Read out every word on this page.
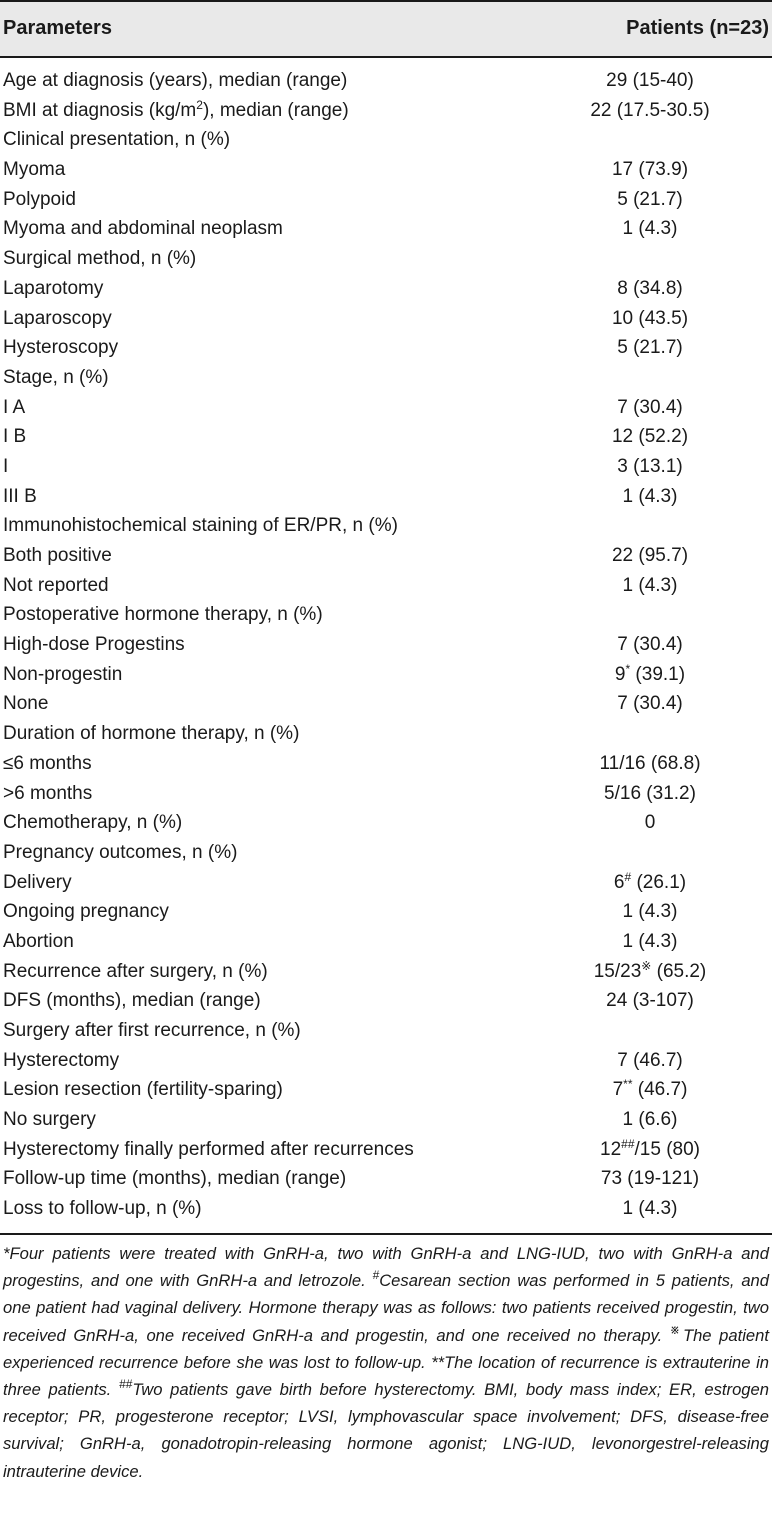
Parameters	Patients (n=23)
Age at diagnosis (years), median (range)	29 (15-40)
BMI at diagnosis $(kg/m^2)$, median (range)	22 (17.5-30.5)
Clinical presentation, n (%)
Myoma	17 (73.9)
Polypoid	5 (21.7)
Myoma and abdominal neoplasm	1 (4.3)
Surgical method, n (%)
Laparotomy	8 (34.8)
Laparoscopy	10 (43.5)
Hysteroscopy	5 (21.7)
Stage, n (%)
I A	7 (30.4)
I B	12 (52.2)
I	3 (13.1)
III B	1 (4.3)
Immunohistochemical staining of ER/PR, n (%)
Both positive	22 (95.7)
Not reported	1 (4.3)
Postoperative hormone therapy, n (%)
High-dose Progestins	7 (30.4)
Non-progestin	9* (39.1)
None	7 (30.4)
Duration of hormone therapy, n (%)
≤6 months	11/16 (68.8)
>6 months	5/16 (31.2)
Chemotherapy, n (%)	0
Pregnancy outcomes, n (%)
Delivery	6# (26.1)
Ongoing pregnancy	1 (4.3)
Abortion	1 (4.3)
Recurrence after surgery, n (%)	15/23※ (65.2)
DFS (months), median (range)	24 (3-107)
Surgery after first recurrence, n (%)
Hysterectomy	7 (46.7)
Lesion resection (fertility-sparing)	7** (46.7)
No surgery	1 (6.6)
Hysterectomy finally performed after recurrences	12##/15 (80)
Follow-up time (months), median (range)	73 (19-121)
Loss to follow-up, n (%)	1 (4.3)
*Four patients were treated with GnRH-a, two with GnRH-a and LNG-IUD, two with GnRH-a and progestins, and one with GnRH-a and letrozole. #Cesarean section was performed in 5 patients, and one patient had vaginal delivery. Hormone therapy was as follows: two patients received progestin, two received GnRH-a, one received GnRH-a and progestin, and one received no therapy. ※The patient experienced recurrence before she was lost to follow-up. **The location of recurrence is extrauterine in three patients. ##Two patients gave birth before hysterectomy. BMI, body mass index; ER, estrogen receptor; PR, progesterone receptor; LVSI, lymphovascular space involvement; DFS, disease-free survival; GnRH-a, gonadotropin-releasing hormone agonist; LNG-IUD, levonorgestrel-releasing intrauterine device.
